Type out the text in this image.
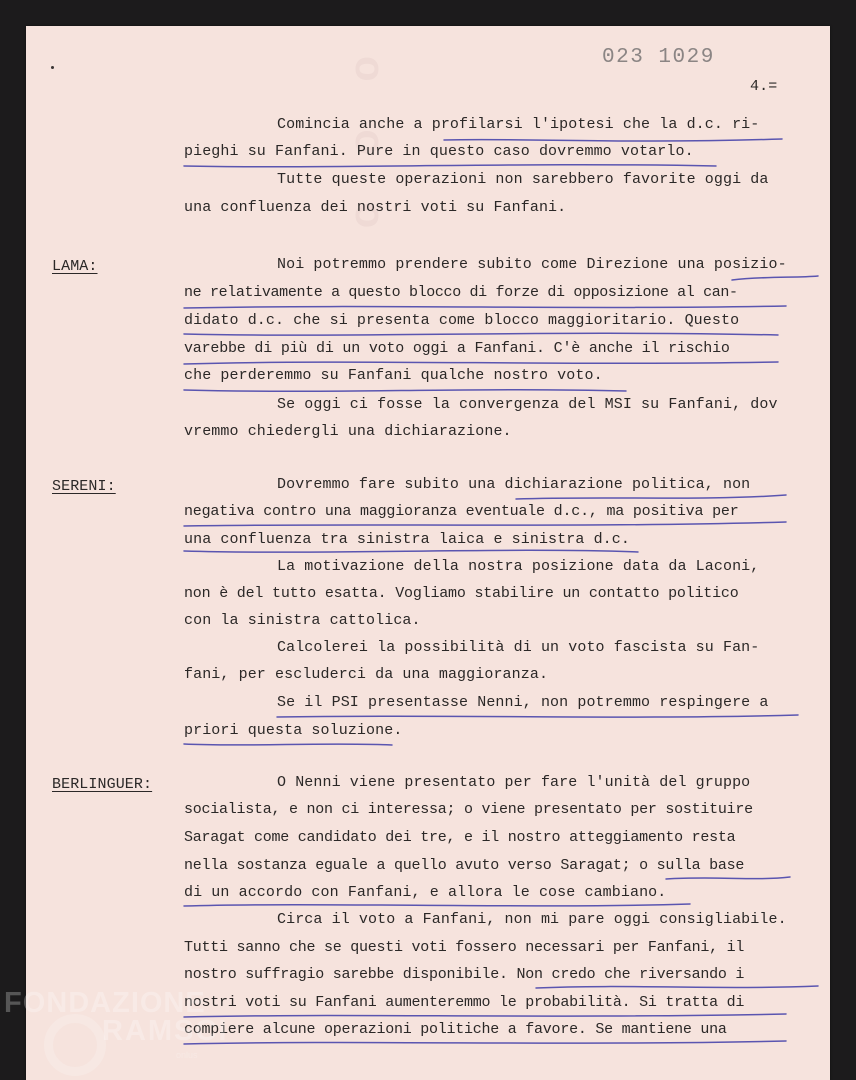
o o o	023 1029
4.=
LAMA:
SERENI:
BERLINGUER:
Comincia anche a profilarsi l'ipotesi che la d.c. ri-
pieghi su Fanfani. Pure in questo caso dovremmo votarlo.
Tutte queste operazioni non sarebbero favorite oggi da
una confluenza dei nostri voti su Fanfani.
Noi potremmo prendere subito come Direzione una posizio-
ne relativamente a questo blocco di forze di opposizione al can-
didato d.c. che si presenta come blocco maggioritario. Questo
varebbe di più di un voto oggi a Fanfani. C'è anche il rischio
che perderemmo su Fanfani qualche nostro voto.
Se oggi ci fosse la convergenza del MSI su Fanfani, dov
vremmo chiedergli una dichiarazione.
Dovremmo fare subito una dichiarazione politica, non
negativa contro una maggioranza eventuale d.c., ma positiva per
una confluenza tra sinistra laica e sinistra d.c.
La motivazione della nostra posizione data da Laconi,
non è del tutto esatta. Vogliamo stabilire un contatto politico
con la sinistra cattolica.
Calcolerei la possibilità di un voto fascista su Fan-
fani, per escluderci da una maggioranza.
Se il PSI presentasse Nenni, non potremmo respingere a
priori questa soluzione.
O Nenni viene presentato per fare l'unità del gruppo
socialista, e non ci interessa; o viene presentato per sostituire
Saragat come candidato dei tre, e il nostro atteggiamento resta
nella sostanza eguale a quello avuto verso Saragat; o sulla base
di un accordo con Fanfani, e allora le cose cambiano.
Circa il voto a Fanfani, non mi pare oggi consigliabile.
Tutti sanno che se questi voti fossero necessari per Fanfani, il
nostro suffragio sarebbe disponibile. Non credo che riversando i
nostri voti su Fanfani aumenteremmo le probabilità. Si tratta di
compiere alcune operazioni politiche a favore. Se mantiene una
FONDAZIONE
RAMSCI
onlus
